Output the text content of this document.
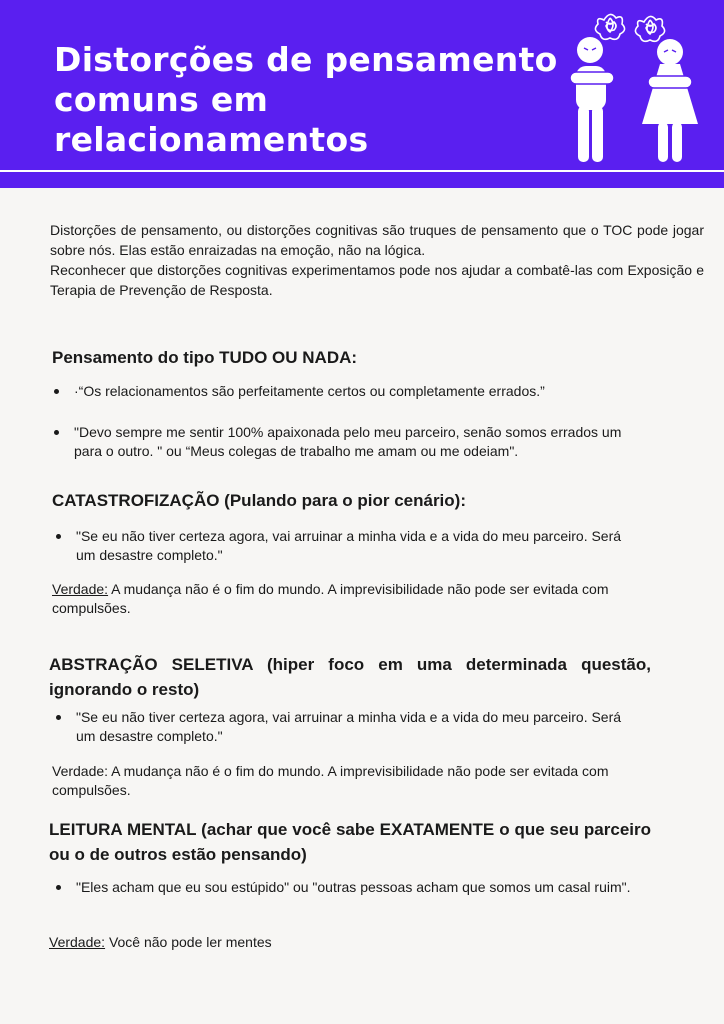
Distorções de pensamento
comuns em relacionamentos

Distorções de pensamento, ou distorções cognitivas são truques de pensamento que o TOC pode jogar sobre nós. Elas estão enraizadas na emoção, não na lógica.

Reconhecer que distorções cognitivas experimentamos pode nos ajudar a combatê-las com Exposição e Terapia de Prevenção de Resposta.

Pensamento do tipo TUDO OU NADA:
·“Os relacionamentos são perfeitamente certos ou completamente errados.”
"Devo sempre me sentir 100% apaixonada pelo meu parceiro, senão somos errados um para o outro. " ou “Meus colegas de trabalho me amam ou me odeiam".
CATASTROFIZAÇÃO (Pulando para o pior cenário):
"Se eu não tiver certeza agora, vai arruinar a minha vida e a vida do meu parceiro. Será um desastre completo."

Verdade: A mudança não é o fim do mundo. A imprevisibilidade não pode ser evitada com compulsões.

ABSTRAÇÃO SELETIVA (hiper foco em uma determinada questão, ignorando o resto)
"Se eu não tiver certeza agora, vai arruinar a minha vida e a vida do meu parceiro. Será um desastre completo."

Verdade: A mudança não é o fim do mundo. A imprevisibilidade não pode ser evitada com compulsões.

LEITURA MENTAL (achar que você sabe EXATAMENTE o que seu parceiro ou o de outros estão pensando)
"Eles acham que eu sou estúpido" ou "outras pessoas acham que somos um casal ruim".

Verdade: Você não pode ler mentes
